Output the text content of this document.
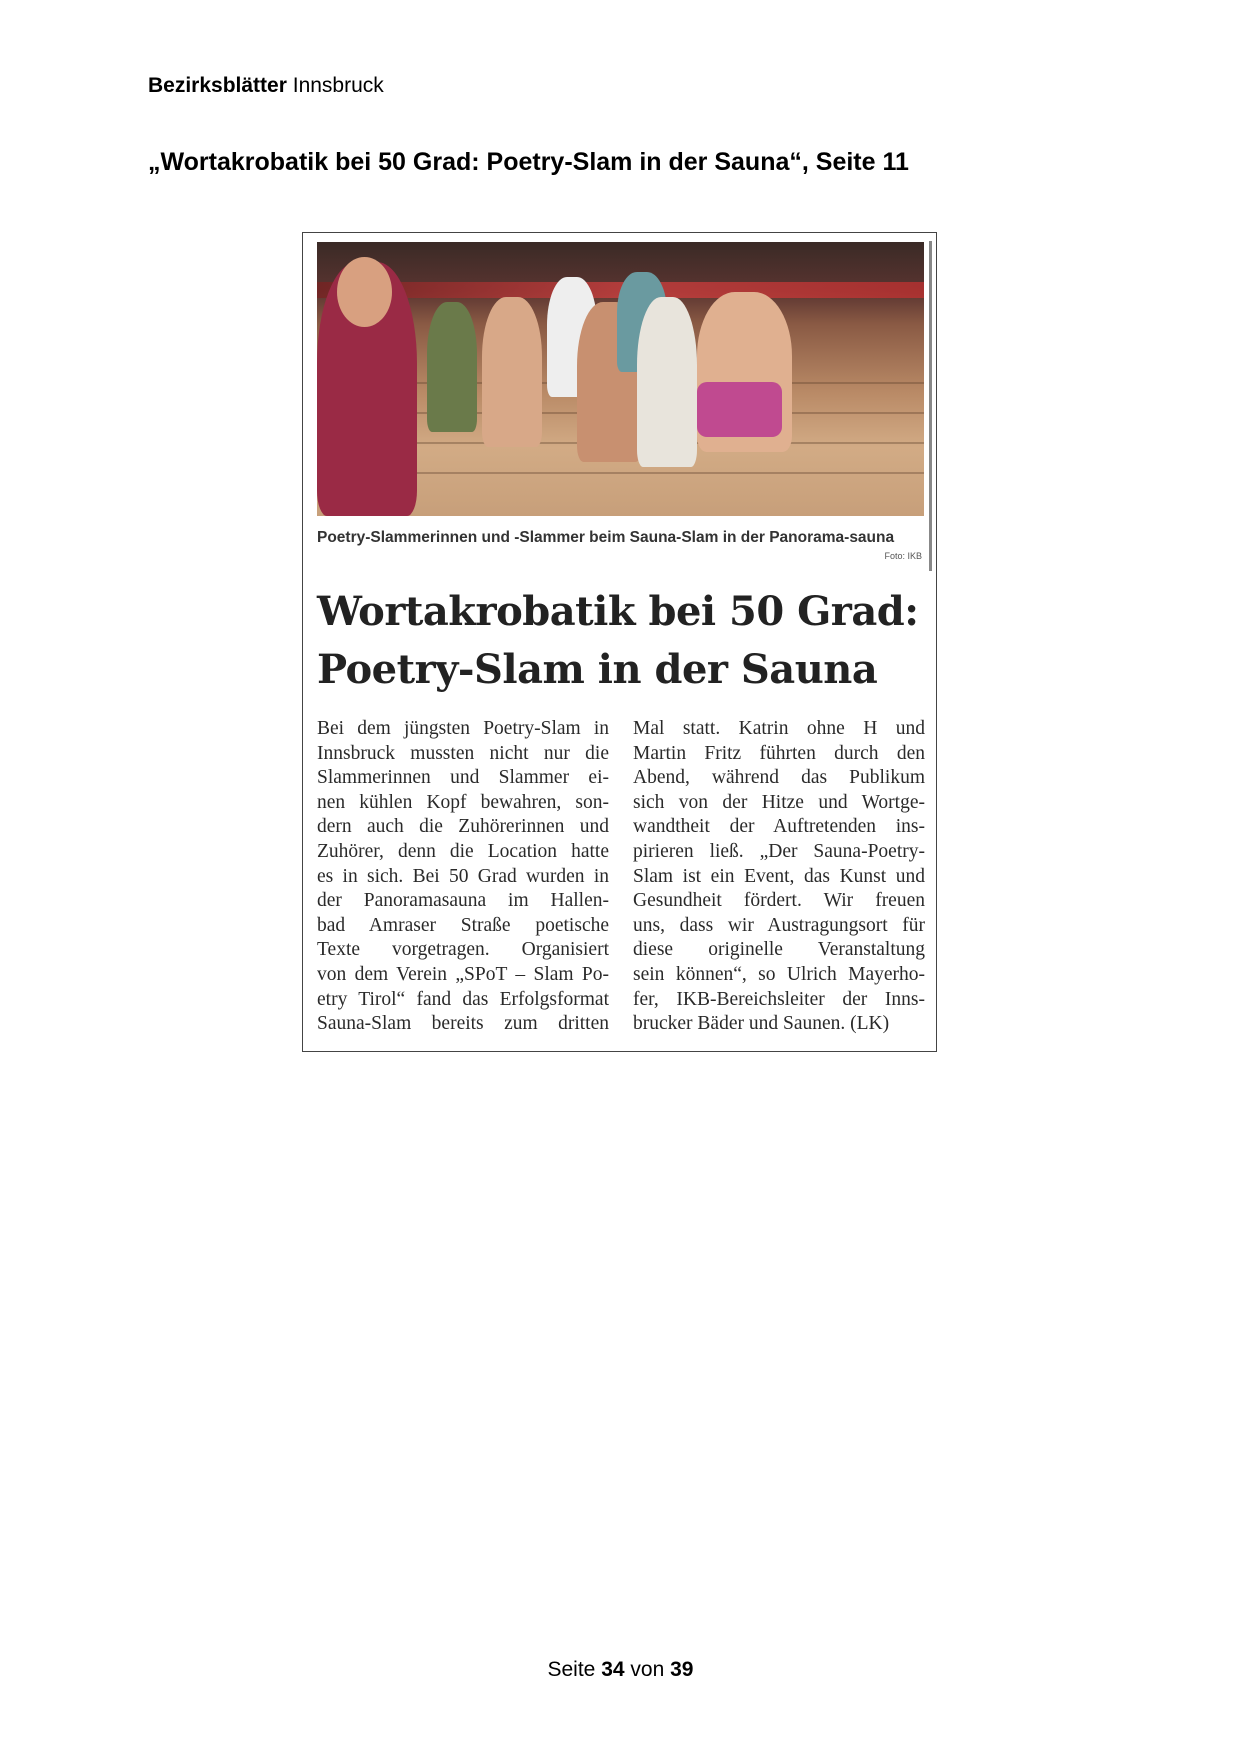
Bezirksblätter Innsbruck
„Wortakrobatik bei 50 Grad: Poetry-Slam in der Sauna“, Seite 11
Poetry-Slammerinnen und -Slammer beim Sauna-Slam in der Panorama-sauna
Foto: IKB
Wortakrobatik bei 50 Grad:
Poetry-Slam in der Sauna
Bei dem jüngsten Poetry-Slam in
Innsbruck mussten nicht nur die
Slammerinnen und Slammer ei-
nen kühlen Kopf bewahren, son-
dern auch die Zuhörerinnen und
Zuhörer, denn die Location hatte
es in sich. Bei 50 Grad wurden in
der Panoramasauna im Hallen-
bad Amraser Straße poetische
Texte vorgetragen. Organisiert
von dem Verein „SPoT – Slam Po-
etry Tirol“ fand das Erfolgsformat
Sauna-Slam bereits zum dritten
Mal statt. Katrin ohne H und
Martin Fritz führten durch den
Abend, während das Publikum
sich von der Hitze und Wortge-
wandtheit der Auftretenden ins-
pirieren ließ. „Der Sauna-Poetry-
Slam ist ein Event, das Kunst und
Gesundheit fördert. Wir freuen
uns, dass wir Austragungsort für
diese originelle Veranstaltung
sein können“, so Ulrich Mayerho-
fer, IKB-Bereichsleiter der Inns-
brucker Bäder und Saunen. (LK)
Seite 34 von 39
